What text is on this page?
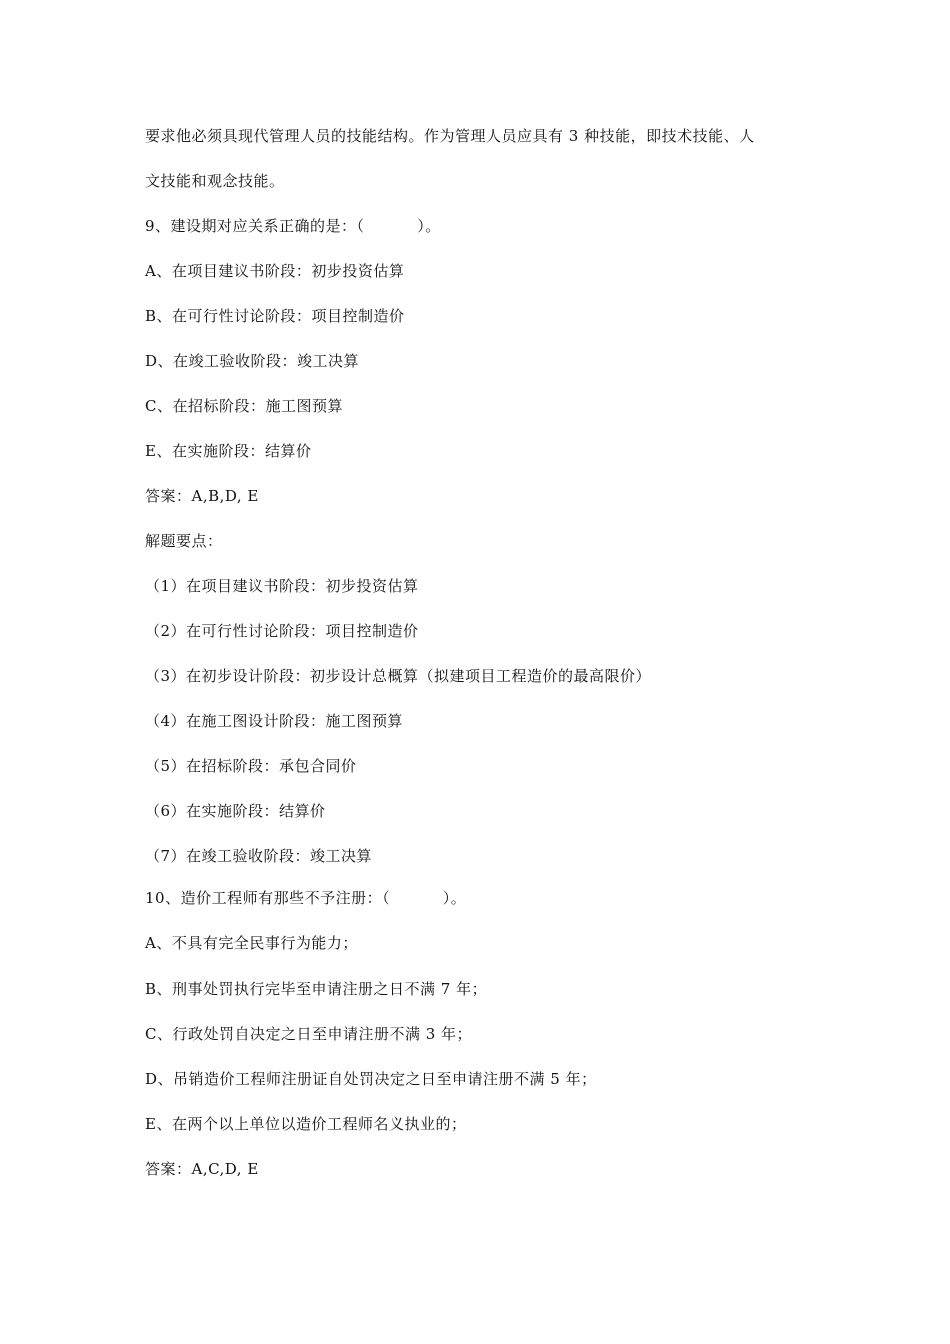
要求他必须具现代管理人员的技能结构。作为管理人员应具有 3 种技能，即技术技能、人
文技能和观念技能。
9、建设期对应关系正确的是：（          ）。
A、在项目建议书阶段：初步投资估算
B、在可行性讨论阶段：项目控制造价
D、在竣工验收阶段：竣工决算
C、在招标阶段：施工图预算
E、在实施阶段：结算价
答案：A,B,D, E
解题要点：
（1）在项目建议书阶段：初步投资估算
（2）在可行性讨论阶段：项目控制造价
（3）在初步设计阶段：初步设计总概算（拟建项目工程造价的最高限价）
（4）在施工图设计阶段：施工图预算
（5）在招标阶段：承包合同价
（6）在实施阶段：结算价
（7）在竣工验收阶段：竣工决算
10、造价工程师有那些不予注册：（          ）。
A、不具有完全民事行为能力；
B、刑事处罚执行完毕至申请注册之日不满 7 年；
C、行政处罚自决定之日至申请注册不满 3 年；
D、吊销造价工程师注册证自处罚决定之日至申请注册不满 5 年；
E、在两个以上单位以造价工程师名义执业的；
答案：A,C,D, E
